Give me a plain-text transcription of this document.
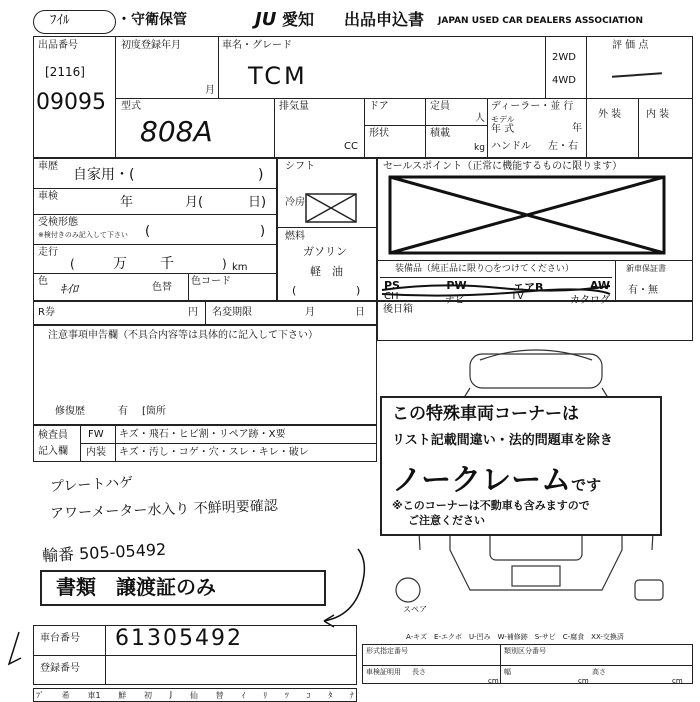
ﾌｲﾙ	・守衛保管	JU 愛知 出品申込書 JAPAN USED CAR DEALERS ASSOCIATION
出品番号
[2116]
09095
初度登録年月
月
車名・グレード
TCM
2WD
4WD
評 価 点
外 装 内 装
型式
808A
排気量
CC
ドア
形状
定員
人
積載
kg
ディーラー・並 行
モデル
年 式	年
ハンドル 左・右
車歴
自家用・(	)
車検	年	月(	日)
受検形態
※検付きのみ記入して下さい (	)
走行
(	万 千	) km
色
ｷｲﾛ	色替
色コード
シフト
冷房
燃料
ガソリン
軽　油
(	)
セールスポイント（正常に機能するものに限ります）
装備品（純正品に限り○をつけてください）
PS	PW	エアB	AW
CH	ナビ	TV	カタログ
新車保証書
有・無
R券	円 名変期限	月	日 後日箱
注意事項申告欄（不具合内容等は具体的に記入して下さい）
修復歴	有 [箇所
検査員
記入欄
FW キズ・飛石・ヒビ割・リペア跡・X要
内装 キズ・汚し・コゲ・穴・スレ・キレ・破レ
プレートハゲ
アワーメーター水入り 不鮮明要確認
輸番 505-05492
書類　譲渡証のみ
この特殊車両コーナーは
リスト記載間違い・法的問題車を除き
ノークレームです
※このコーナーは不動車も含みますので
ご注意ください
スペア
A-キズ　E-エクボ　U-凹み　W-補修跡　S-サビ　C-腐食　XX-交換済
車台番号 61305492
登録番号
形式指定番号	類別区分番号
車検証明用 長さ	幅	高さ
cm	cm	cm
ﾌﾞ 希 車1 鮮 初 J 仙 替 ｲ ﾘ ﾂ ｺ ﾀ ﾅ
